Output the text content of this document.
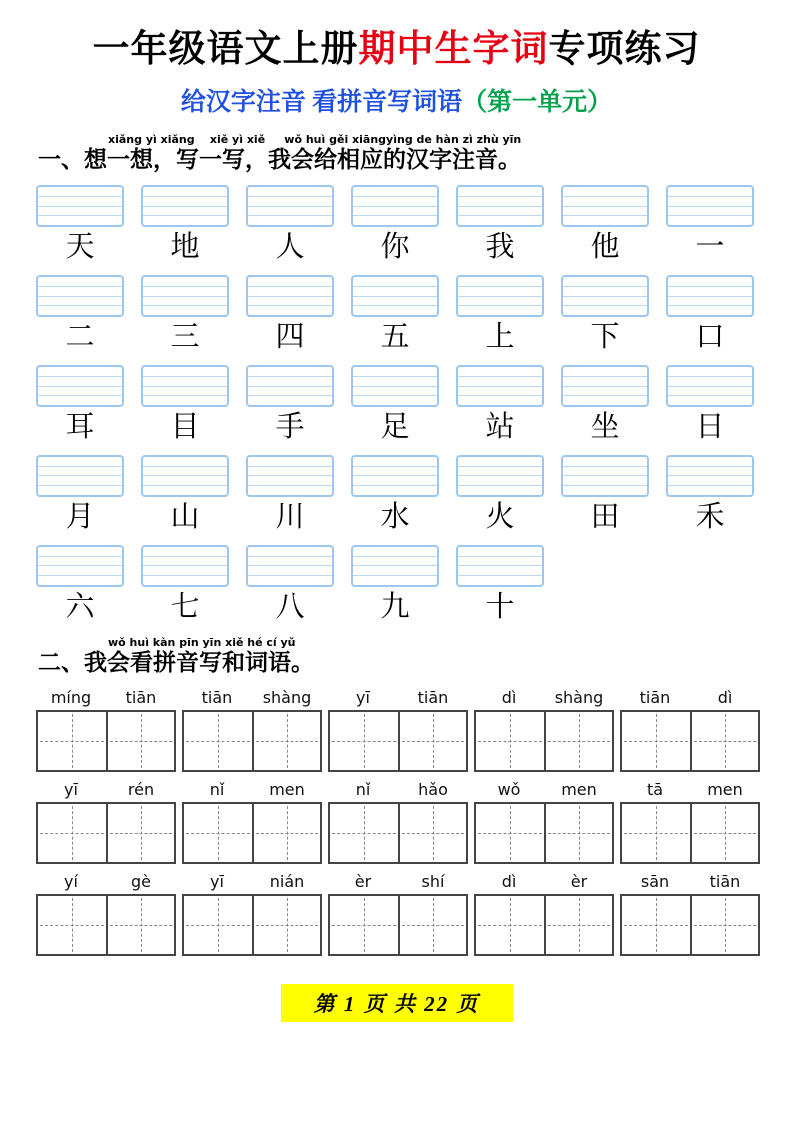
一年级语文上册期中生字词专项练习
给汉字注音 看拼音写词语（第一单元）
xiǎng yì xiǎng    xiě yì xiě     wǒ huì gěi xiāngyìng de hàn zì zhù yīn
一、想一想，写一写，我会给相应的汉字注音。
天	地	人	你	我	他	一
二	三	四	五	上	下	口
耳	目	手	足	站	坐	日
月	山	川	水	火	田	禾
六	七	八	九	十
wǒ huì kàn pīn yīn xiě hé cí yǔ
二、我会看拼音写和词语。
míng	tiān	tiān	shàng	yī	tiān	dì	shàng	tiān	dì
yī	rén	nǐ	men	nǐ	hǎo	wǒ	men	tā	men
yí	gè	yī	nián	èr	shí	dì	èr	sān	tiān
第 1 页 共 22 页
